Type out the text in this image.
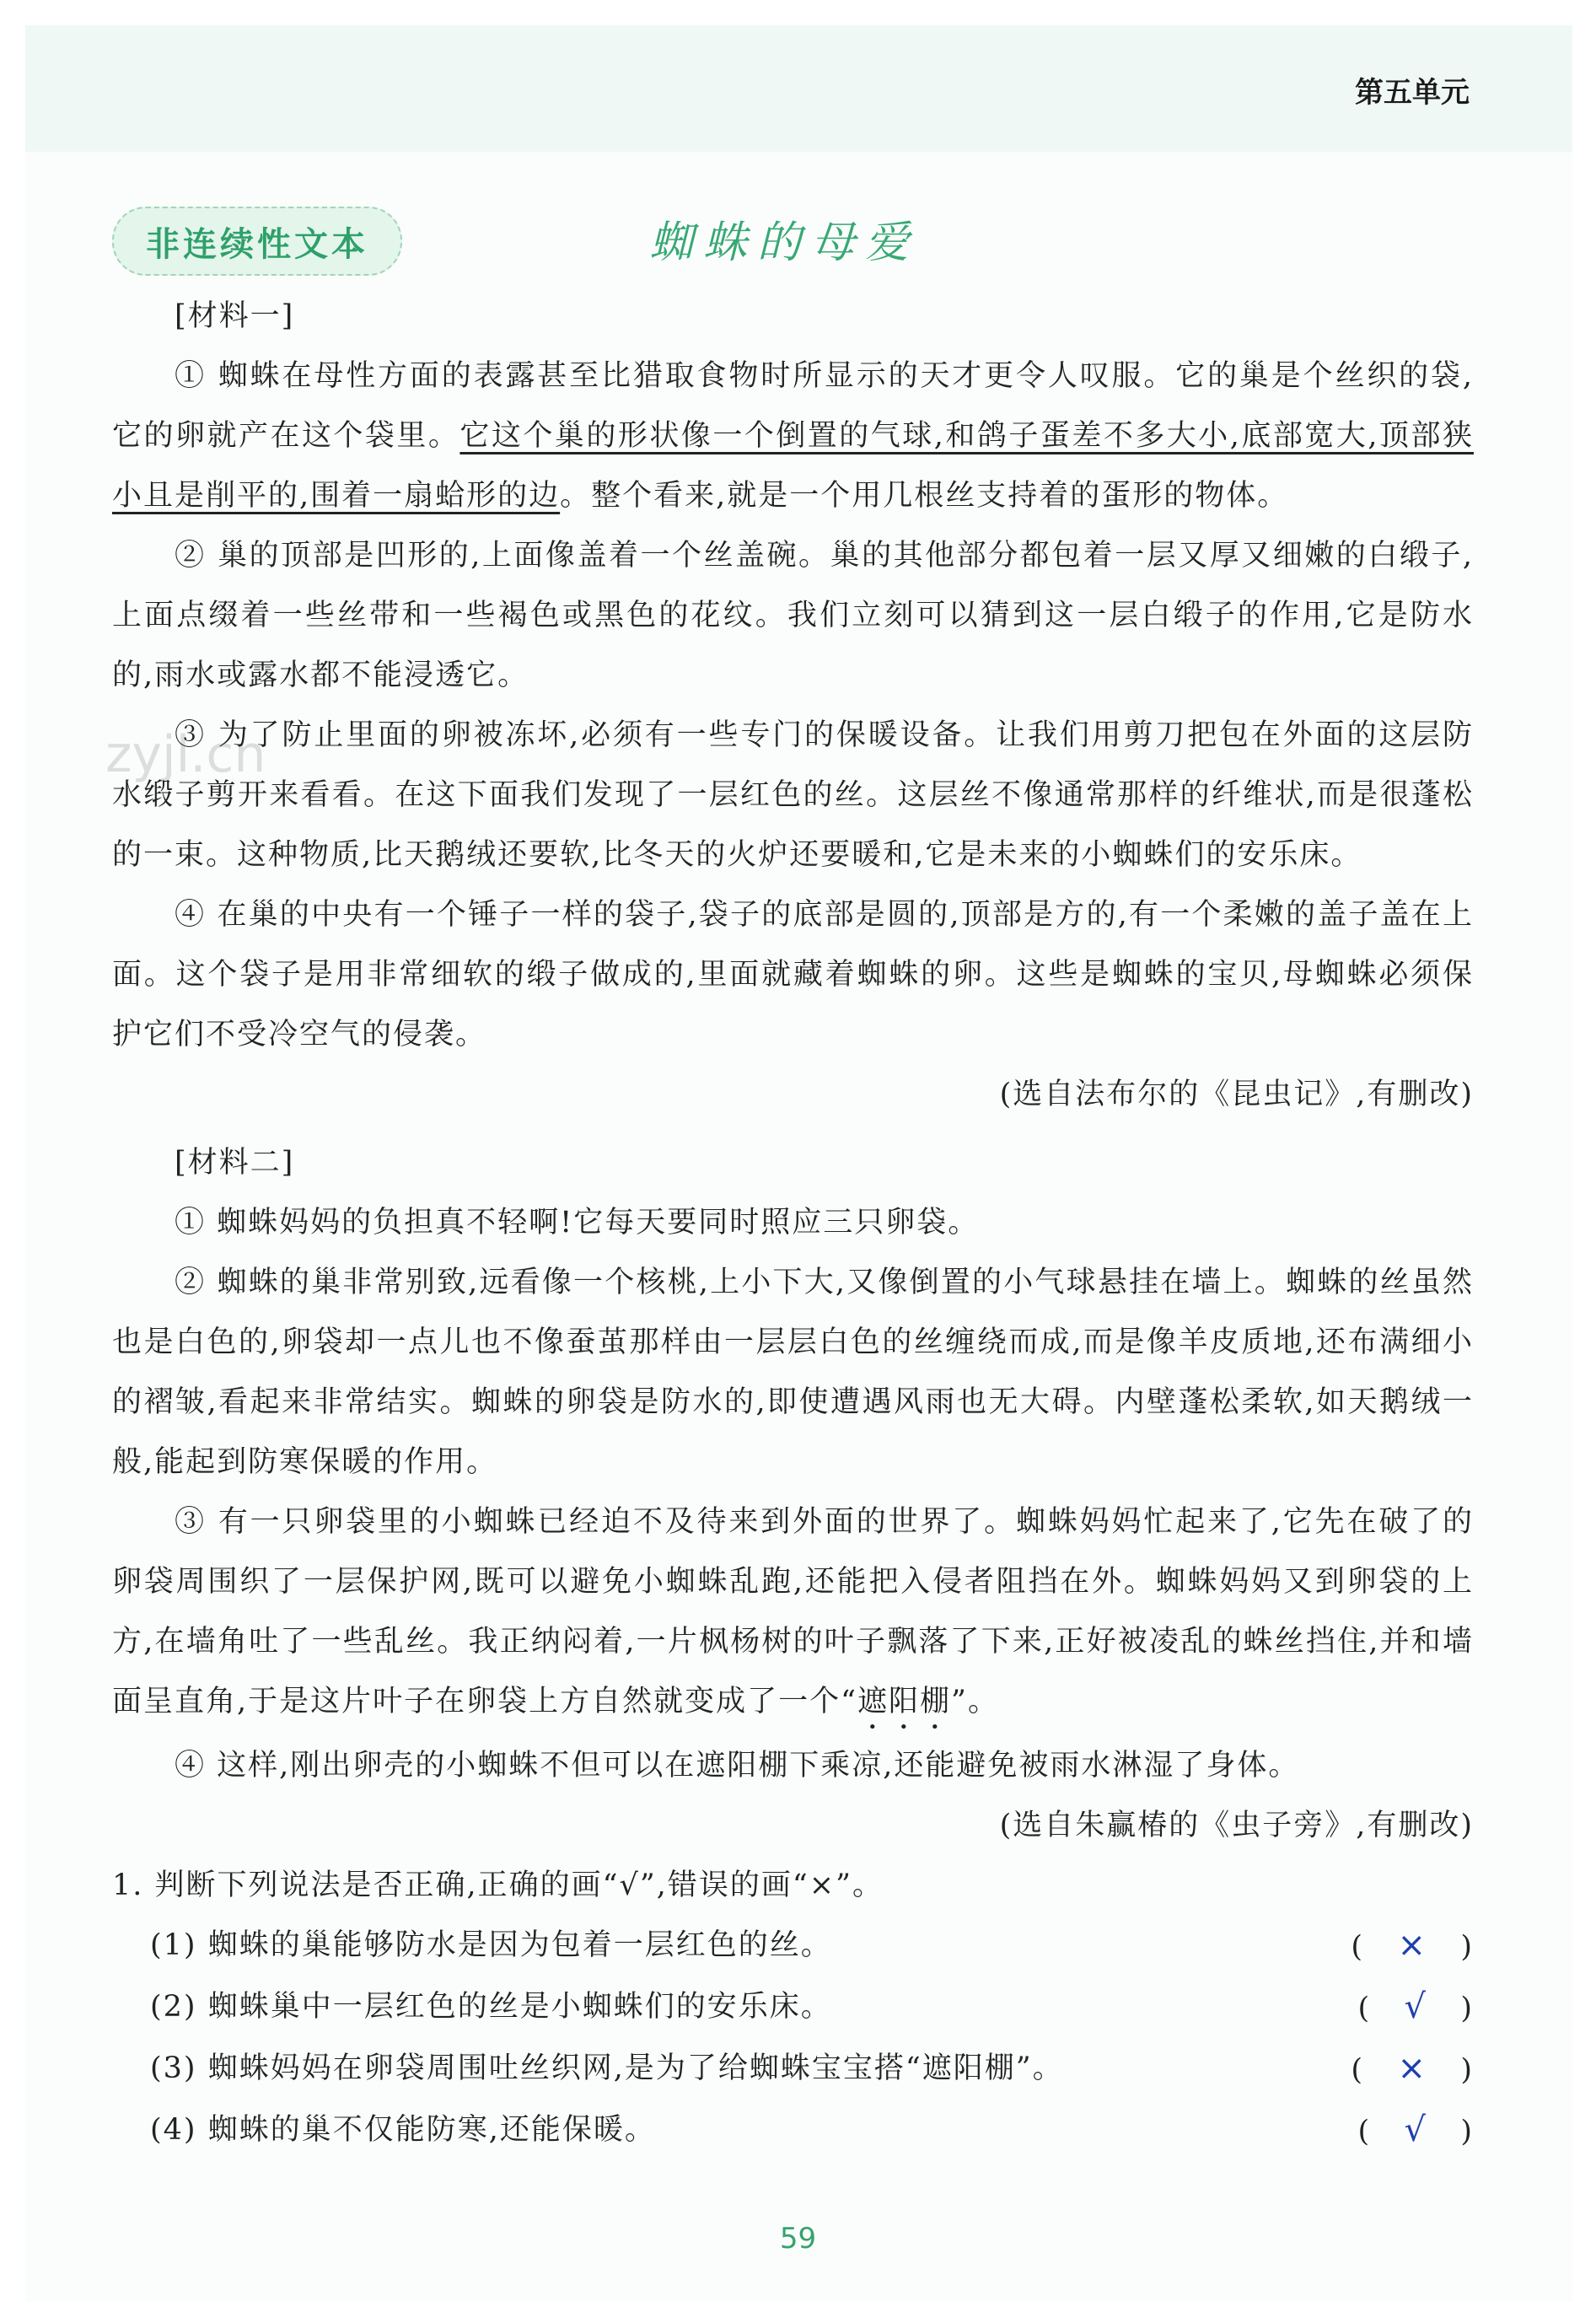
第五单元
非连续性文本	蜘蛛的母爱
zyjl.cn

[材料一]

① 蜘蛛在母性方面的表露甚至比猎取食物时所显示的天才更令人叹服。它的巢是个丝织的袋,它的卵就产在这个袋里。它这个巢的形状像一个倒置的气球,和鸽子蛋差不多大小,底部宽大,顶部狭小且是削平的,围着一扇蛤形的边。整个看来,就是一个用几根丝支持着的蛋形的物体。

② 巢的顶部是凹形的,上面像盖着一个丝盖碗。巢的其他部分都包着一层又厚又细嫩的白缎子,上面点缀着一些丝带和一些褐色或黑色的花纹。我们立刻可以猜到这一层白缎子的作用,它是防水的,雨水或露水都不能浸透它。

③ 为了防止里面的卵被冻坏,必须有一些专门的保暖设备。让我们用剪刀把包在外面的这层防水缎子剪开来看看。在这下面我们发现了一层红色的丝。这层丝不像通常那样的纤维状,而是很蓬松的一束。这种物质,比天鹅绒还要软,比冬天的火炉还要暖和,它是未来的小蜘蛛们的安乐床。

④ 在巢的中央有一个锤子一样的袋子,袋子的底部是圆的,顶部是方的,有一个柔嫩的盖子盖在上面。这个袋子是用非常细软的缎子做成的,里面就藏着蜘蛛的卵。这些是蜘蛛的宝贝,母蜘蛛必须保护它们不受冷空气的侵袭。

(选自法布尔的《昆虫记》,有删改)

[材料二]

① 蜘蛛妈妈的负担真不轻啊!它每天要同时照应三只卵袋。

② 蜘蛛的巢非常别致,远看像一个核桃,上小下大,又像倒置的小气球悬挂在墙上。蜘蛛的丝虽然也是白色的,卵袋却一点儿也不像蚕茧那样由一层层白色的丝缠绕而成,而是像羊皮质地,还布满细小的褶皱,看起来非常结实。蜘蛛的卵袋是防水的,即使遭遇风雨也无大碍。内壁蓬松柔软,如天鹅绒一般,能起到防寒保暖的作用。

③ 有一只卵袋里的小蜘蛛已经迫不及待来到外面的世界了。蜘蛛妈妈忙起来了,它先在破了的卵袋周围织了一层保护网,既可以避免小蜘蛛乱跑,还能把入侵者阻挡在外。蜘蛛妈妈又到卵袋的上方,在墙角吐了一些乱丝。我正纳闷着,一片枫杨树的叶子飘落了下来,正好被凌乱的蛛丝挡住,并和墙面呈直角,于是这片叶子在卵袋上方自然就变成了一个“遮阳棚”。

④ 这样,刚出卵壳的小蜘蛛不但可以在遮阳棚下乘凉,还能避免被雨水淋湿了身体。

(选自朱赢椿的《虫子旁》,有删改)

1. 判断下列说法是否正确,正确的画“√”,错误的画“×”。

(1) 蜘蛛的巢能够防水是因为包着一层红色的丝。	(   ×   )
(2) 蜘蛛巢中一层红色的丝是小蜘蛛们的安乐床。	(   √   )
(3) 蜘蛛妈妈在卵袋周围吐丝织网,是为了给蜘蛛宝宝搭“遮阳棚”。	(   ×   )
(4) 蜘蛛的巢不仅能防寒,还能保暖。	(   √   )
59
